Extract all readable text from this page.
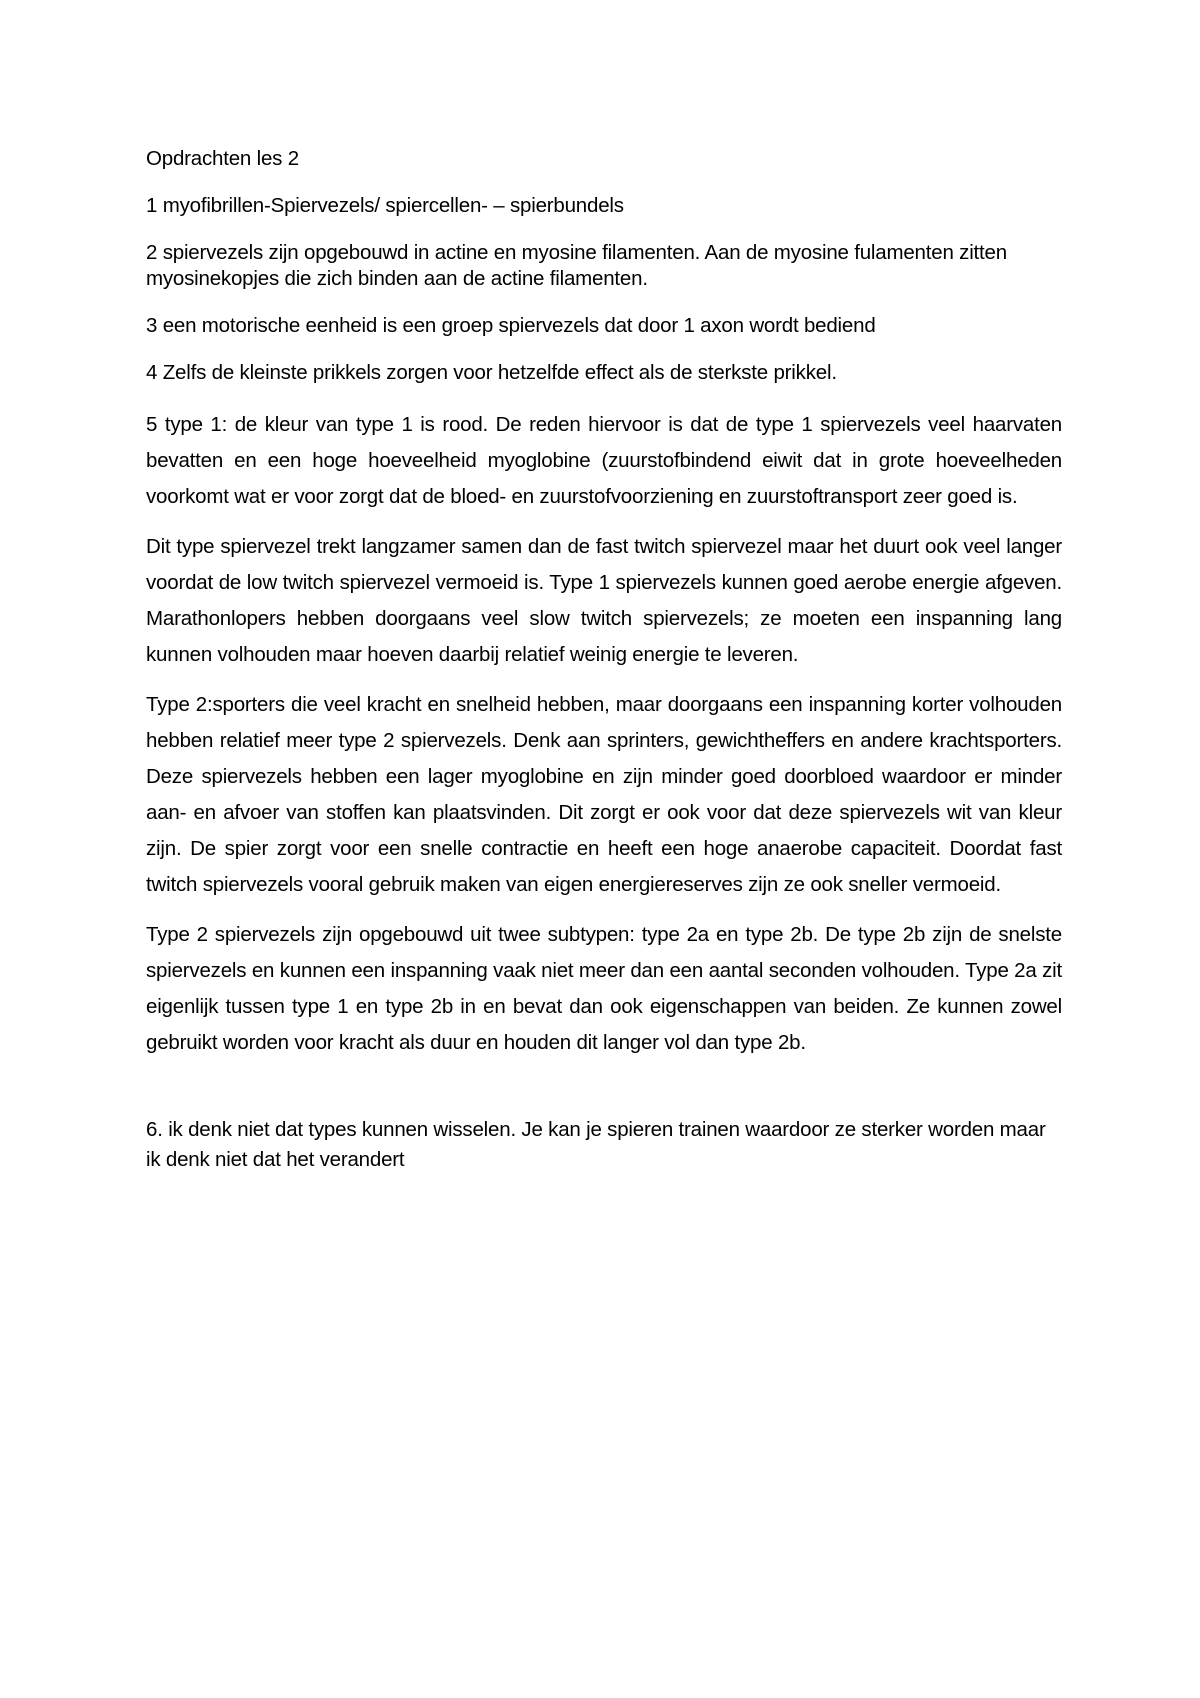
Opdrachten les 2

1 myofibrillen-Spiervezels/ spiercellen- – spierbundels

2 spiervezels zijn opgebouwd in actine en myosine filamenten. Aan de myosine fulamenten zitten myosinekopjes die zich binden aan de actine filamenten.

3 een motorische eenheid is een groep spiervezels dat door 1 axon wordt bediend

4 Zelfs de kleinste prikkels zorgen voor hetzelfde effect als de sterkste prikkel.

5 type 1: de kleur van type 1 is rood. De reden hiervoor is dat de type 1 spiervezels veel haarvaten bevatten en een hoge hoeveelheid myoglobine (zuurstofbindend eiwit dat in grote hoeveelheden voorkomt wat er voor zorgt dat de bloed- en zuurstofvoorziening en zuurstoftransport zeer goed is.

Dit type spiervezel trekt langzamer samen dan de fast twitch spiervezel maar het duurt ook veel langer voordat de low twitch spiervezel vermoeid is. Type 1 spiervezels kunnen goed aerobe energie afgeven. Marathonlopers hebben doorgaans veel slow twitch spiervezels; ze moeten een inspanning lang kunnen volhouden maar hoeven daarbij relatief weinig energie te leveren.

Type 2:sporters die veel kracht en snelheid hebben, maar doorgaans een inspanning korter volhouden hebben relatief meer type 2 spiervezels. Denk aan sprinters, gewichtheffers en andere krachtsporters. Deze spiervezels hebben een lager myoglobine en zijn minder goed doorbloed waardoor er minder aan- en afvoer van stoffen kan plaatsvinden. Dit zorgt er ook voor dat deze spiervezels wit van kleur zijn. De spier zorgt voor een snelle contractie en heeft een hoge anaerobe capaciteit. Doordat fast twitch spiervezels vooral gebruik maken van eigen energiereserves zijn ze ook sneller vermoeid.

Type 2 spiervezels zijn opgebouwd uit twee subtypen: type 2a en type 2b. De type 2b zijn de snelste spiervezels en kunnen een inspanning vaak niet meer dan een aantal seconden volhouden. Type 2a zit eigenlijk tussen type 1 en type 2b in en bevat dan ook eigenschappen van beiden. Ze kunnen zowel gebruikt worden voor kracht als duur en houden dit langer vol dan type 2b.

6. ik denk niet dat types kunnen wisselen. Je kan je spieren trainen waardoor ze sterker worden maar ik denk niet dat het verandert
